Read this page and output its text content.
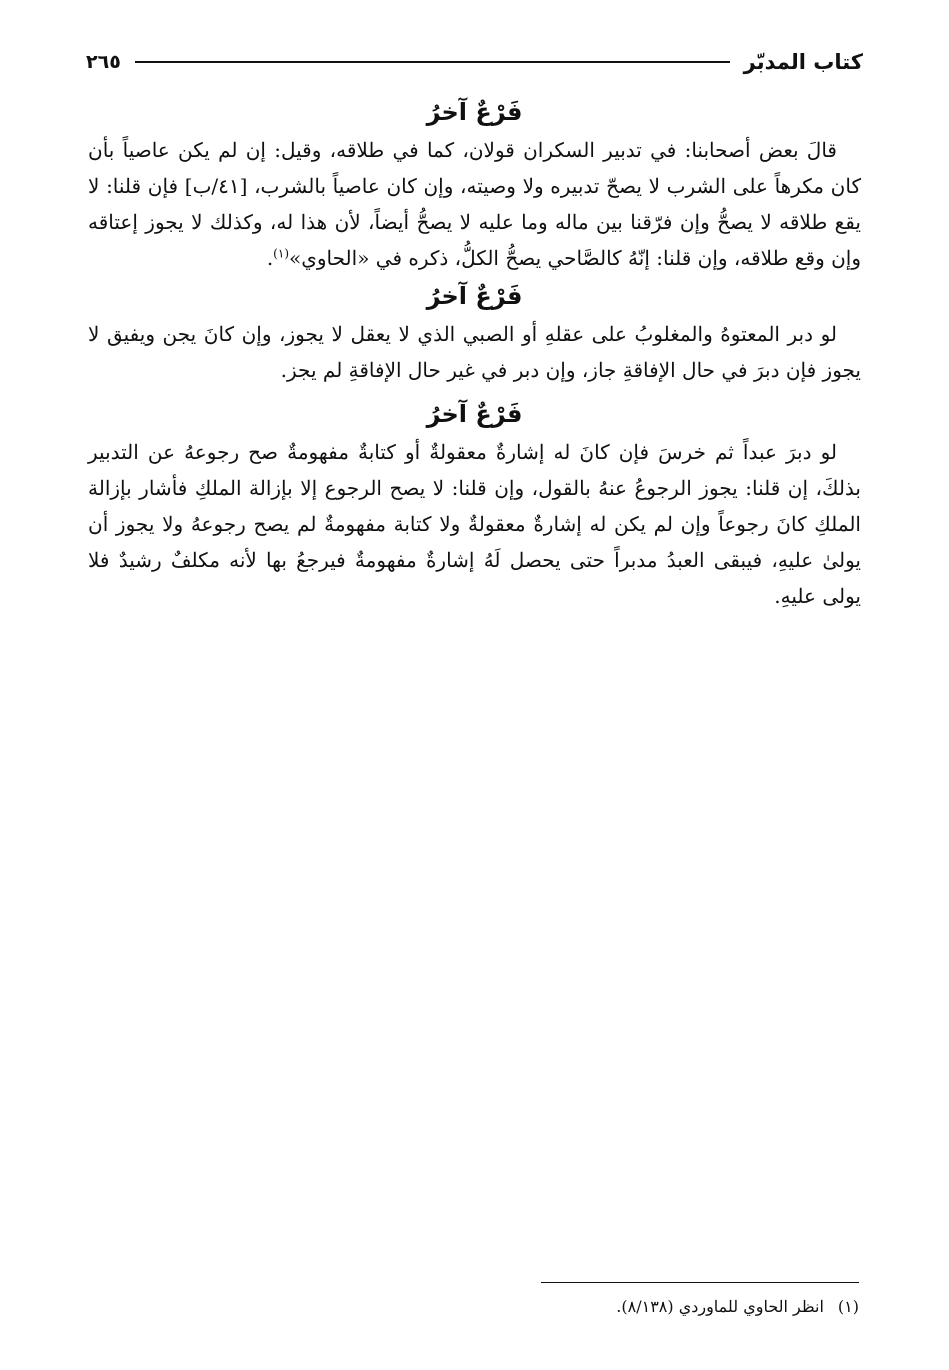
كتاب المدبّر
٢٦٥
فَرْعٌ آخرُ

قالَ بعض أصحابنا: في تدبير السكران قولان، كما في طلاقه، وقيل: إن لم يكن عاصياً بأن كان مكرهاً على الشرب لا يصحّ تدبيره ولا وصيته، وإن كان عاصياً بالشرب، [٤١/ب] فإن قلنا: لا يقع طلاقه لا يصحُّ وإن فرّقنا بين ماله وما عليه لا يصحُّ أيضاً، لأن هذا له، وكذلك لا يجوز إعتاقه وإن وقع طلاقه، وإن قلنا: إنّهُ كالصَّاحي يصحُّ الكلُّ، ذكره في «الحاوي»$^{(١)}$.

فَرْعٌ آخرُ

لو دبر المعتوهُ والمغلوبُ على عقلهِ أو الصبي الذي لا يعقل لا يجوز، وإن كانَ يجن ويفيق لا يجوز فإن دبرَ في حال الإفاقةِ جاز، وإن دبر في غير حال الإفاقةِ لم يجز.

فَرْعٌ آخرُ

لو دبرَ عبداً ثم خرسَ فإن كانَ له إشارةٌ معقولةٌ أو كتابةٌ مفهومةٌ صح رجوعهُ عن التدبير بذلكَ، إن قلنا: يجوز الرجوعُ عنهُ بالقول، وإن قلنا: لا يصح الرجوع إلا بإزالة الملكِ فأشار بإزالة الملكِ كانَ رجوعاً وإن لم يكن له إشارةٌ معقولةٌ ولا كتابة مفهومةٌ لم يصح رجوعهُ ولا يجوز أن يولىٰ عليهِ، فيبقى العبدُ مدبراً حتى يحصل لَهُ إشارةٌ مفهومةٌ فيرجعُ بها لأنه مكلفٌ رشيدٌ فلا يولى عليهِ.

(١)انظر الحاوي للماوردي (٨/١٣٨).
